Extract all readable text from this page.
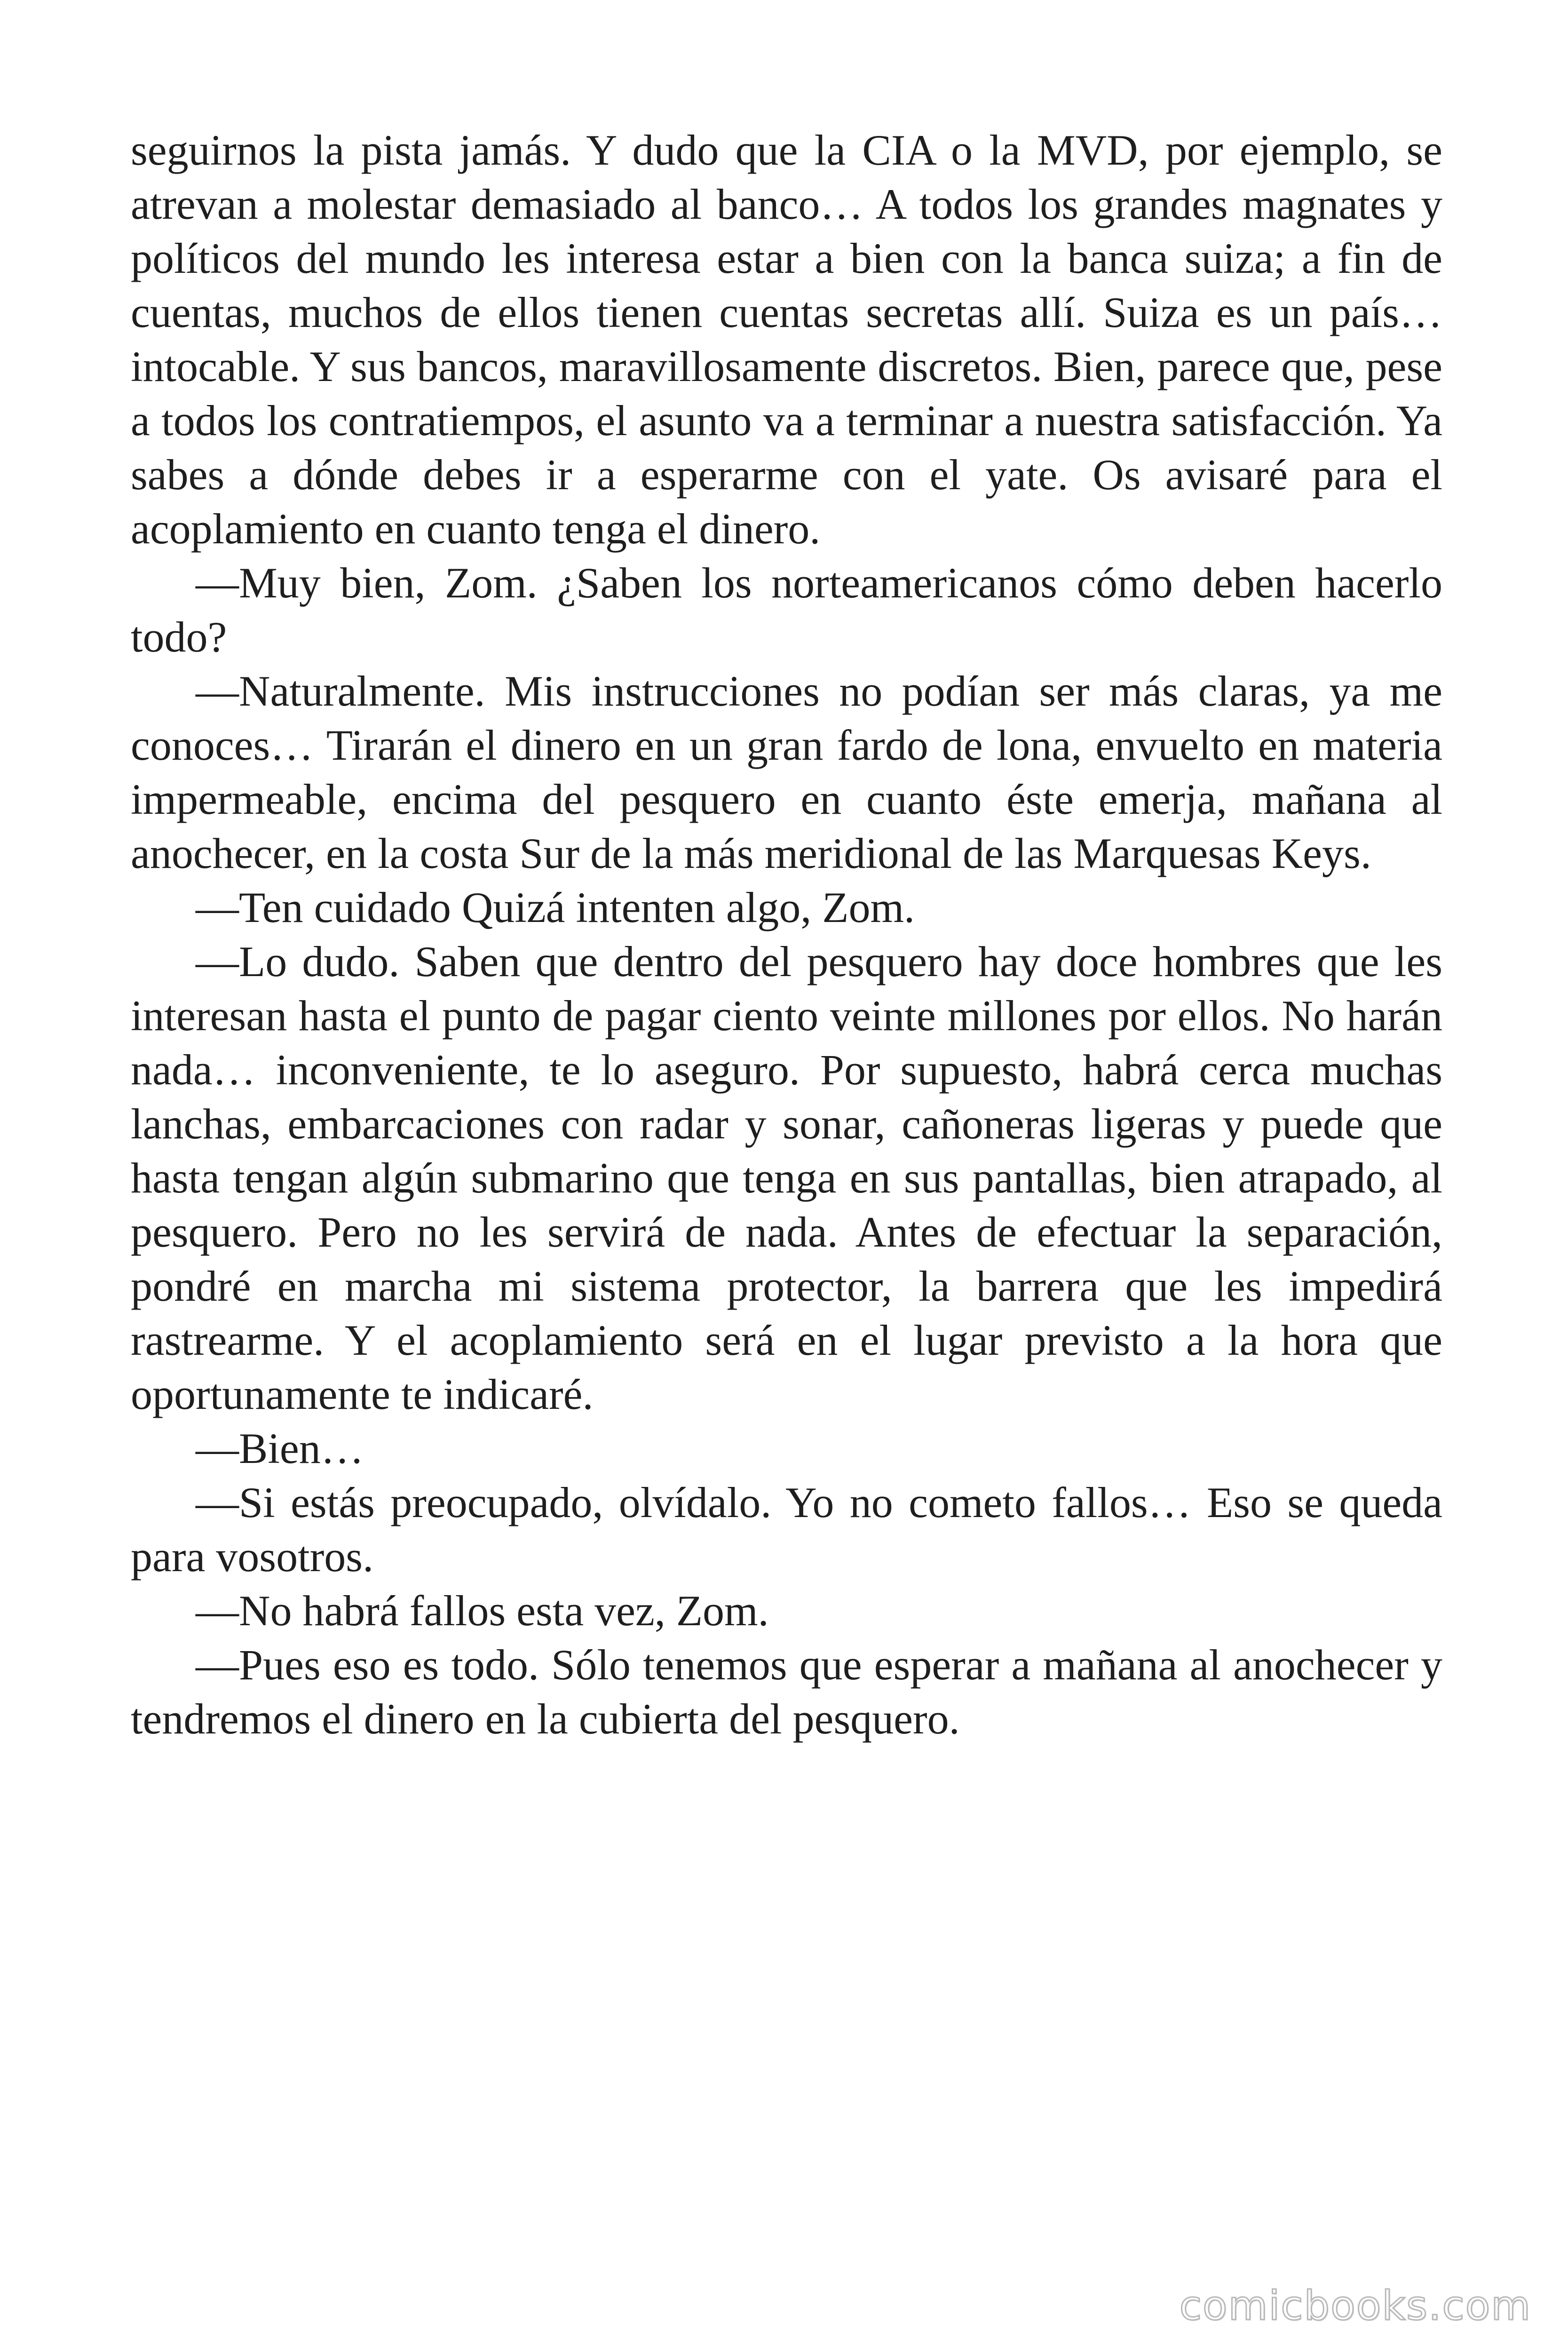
seguirnos la pista jamás. Y dudo que la CIA o la MVD, por ejemplo, se atrevan a molestar demasiado al banco… A todos los grandes magnates y políticos del mundo les interesa estar a bien con la banca suiza; a fin de cuentas, muchos de ellos tienen cuentas secretas allí. Suiza es un país… intocable. Y sus bancos, maravillosamente discretos. Bien, parece que, pese a todos los contratiempos, el asunto va a terminar a nuestra satisfacción. Ya sabes a dónde debes ir a esperarme con el yate. Os avisaré para el acoplamiento en cuanto tenga el dinero.

—Muy bien, Zom. ¿Saben los norteamericanos cómo deben hacerlo todo?

—Naturalmente. Mis instrucciones no podían ser más claras, ya me conoces… Tirarán el dinero en un gran fardo de lona, envuelto en materia impermeable, encima del pesquero en cuanto éste emerja, mañana al anochecer, en la costa Sur de la más meridional de las Marquesas Keys.

—Ten cuidado Quizá intenten algo, Zom.

—Lo dudo. Saben que dentro del pesquero hay doce hombres que les interesan hasta el punto de pagar ciento veinte millones por ellos. No harán nada… inconveniente, te lo aseguro. Por supuesto, habrá cerca muchas lanchas, embarcaciones con radar y sonar, cañoneras ligeras y puede que hasta tengan algún submarino que tenga en sus pantallas, bien atrapado, al pesquero. Pero no les servirá de nada. Antes de efectuar la separación, pondré en marcha mi sistema protector, la barrera que les impedirá rastrearme. Y el acoplamiento será en el lugar previsto a la hora que oportunamente te indicaré.

—Bien…

—Si estás preocupado, olvídalo. Yo no cometo fallos… Eso se queda para vosotros.

—No habrá fallos esta vez, Zom.

—Pues eso es todo. Sólo tenemos que esperar a mañana al anochecer y tendremos el dinero en la cubierta del pesquero.

comicbooks.com
